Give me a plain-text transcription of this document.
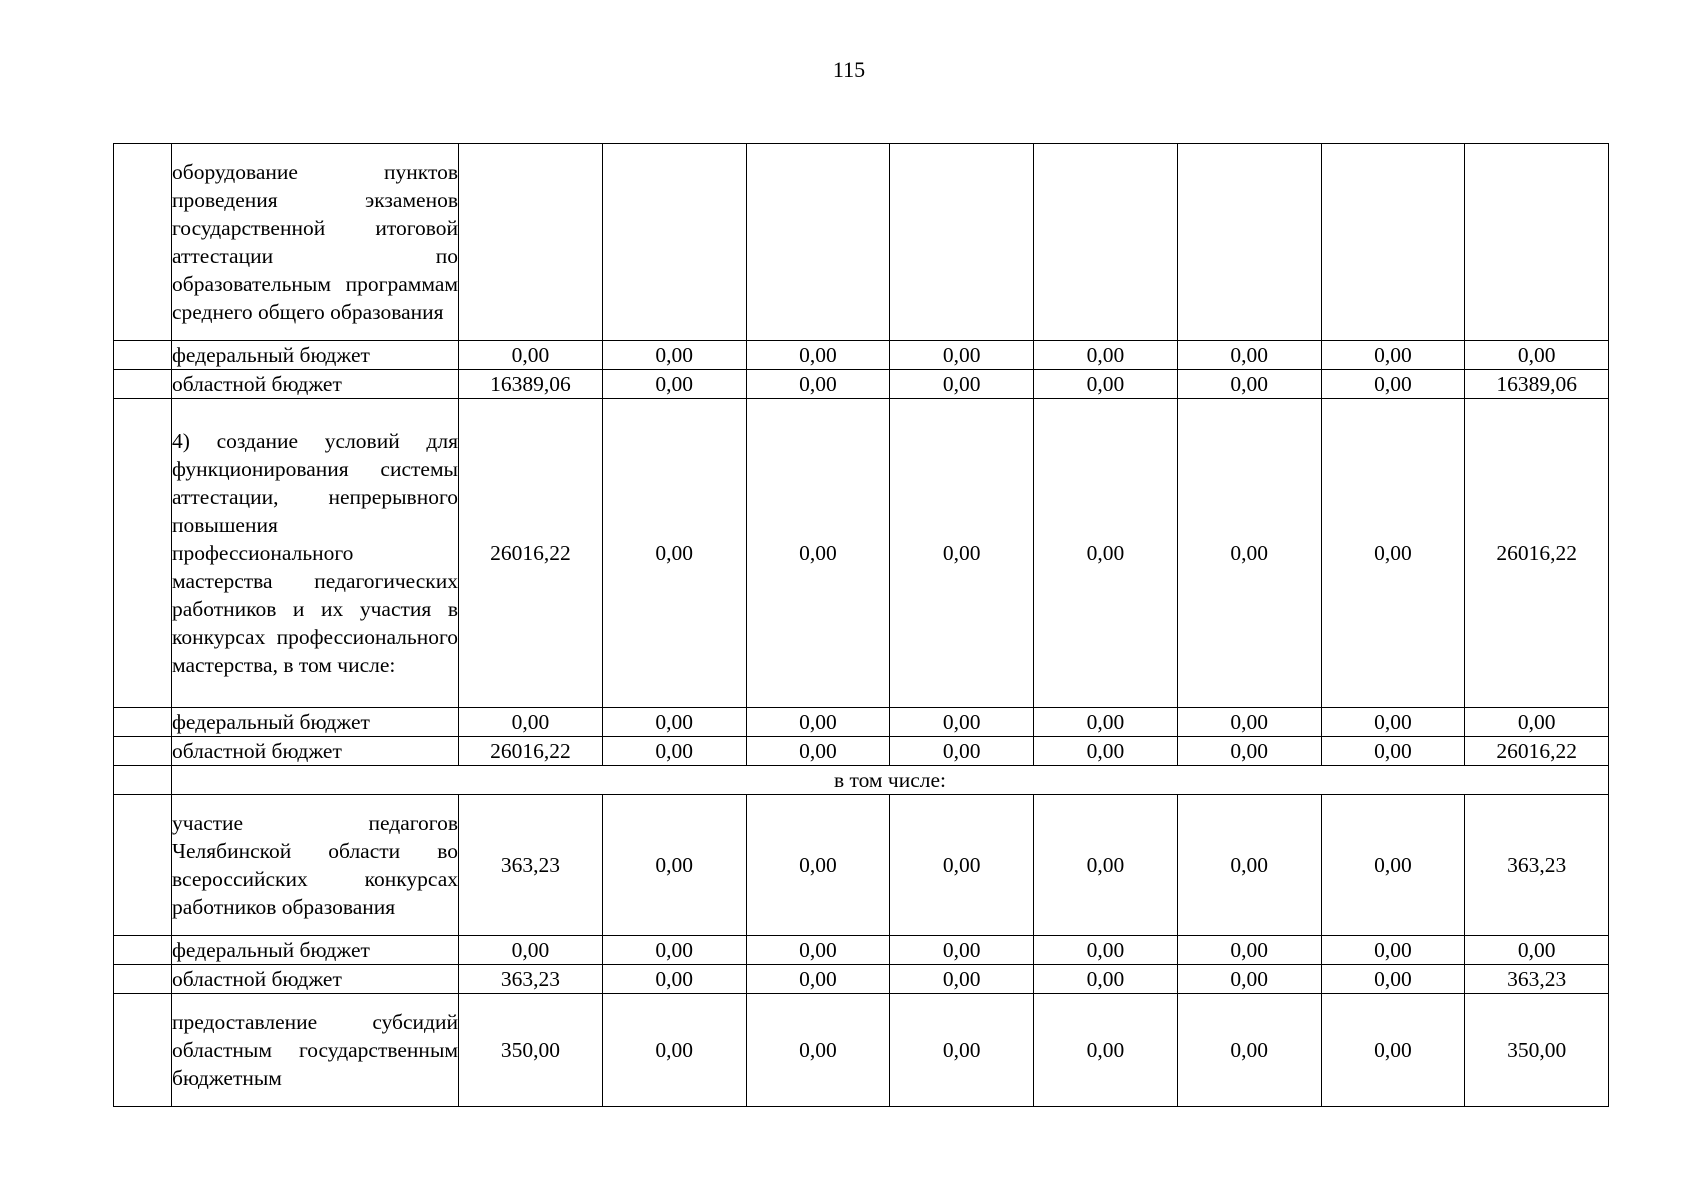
115
	оборудование пунктов проведения экзаменов государственной итоговой аттестации по образовательным программам среднего общего образования								
	федеральный бюджет	0,00	0,00	0,00	0,00	0,00	0,00	0,00	0,00
	областной бюджет	16389,06	0,00	0,00	0,00	0,00	0,00	0,00	16389,06
	4) создание условий для функционирования системы аттестации, непрерывного повышения профессионального мастерства педагогических работников и их участия в конкурсах профессионального мастерства, в том числе:	26016,22	0,00	0,00	0,00	0,00	0,00	0,00	26016,22
	федеральный бюджет	0,00	0,00	0,00	0,00	0,00	0,00	0,00	0,00
	областной бюджет	26016,22	0,00	0,00	0,00	0,00	0,00	0,00	26016,22
	в том числе:								
	участие педагогов Челябинской области во всероссийских конкурсах работников образования	363,23	0,00	0,00	0,00	0,00	0,00	0,00	363,23
	федеральный бюджет	0,00	0,00	0,00	0,00	0,00	0,00	0,00	0,00
	областной бюджет	363,23	0,00	0,00	0,00	0,00	0,00	0,00	363,23
	предоставление субсидий областным государственным бюджетным	350,00	0,00	0,00	0,00	0,00	0,00	0,00	350,00
